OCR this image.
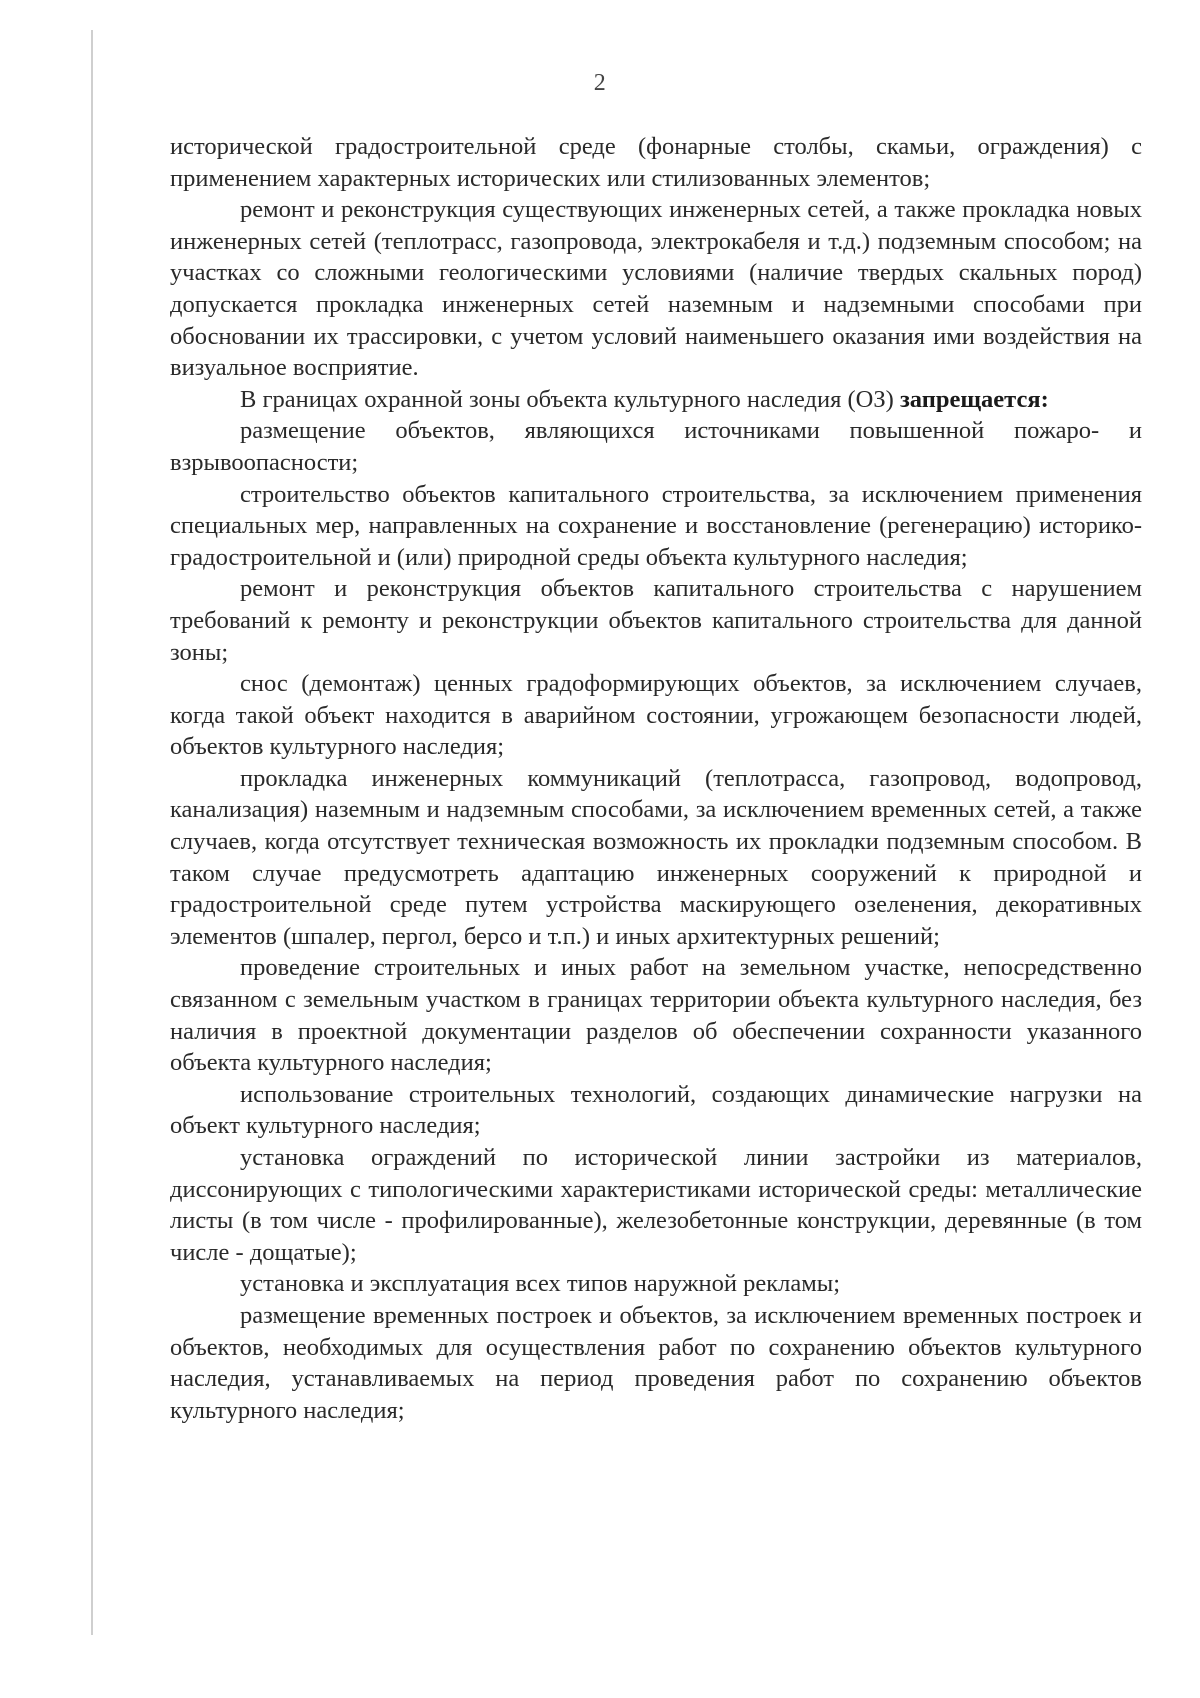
2

исторической градостроительной среде (фонарные столбы, скамьи, ограждения) с применением характерных исторических или стилизованных элементов;

ремонт и реконструкция существующих инженерных сетей, а также прокладка новых инженерных сетей (теплотрасс, газопровода, электрокабеля и т.д.) подземным способом; на участках со сложными геологическими условиями (наличие твердых скальных пород) допускается прокладка инженерных сетей наземным и надземными способами при обосновании их трассировки, с учетом условий наименьшего оказания ими воздействия на визуальное восприятие.

В границах охранной зоны объекта культурного наследия (ОЗ) запрещается:

размещение объектов, являющихся источниками повышенной пожаро- и взрывоопасности;

строительство объектов капитального строительства, за исключением применения специальных мер, направленных на сохранение и восстановление (регенерацию) историко-градостроительной и (или) природной среды объекта культурного наследия;

ремонт и реконструкция объектов капитального строительства с нарушением требований к ремонту и реконструкции объектов капитального строительства для данной зоны;

снос (демонтаж) ценных градоформирующих объектов, за исключением случаев, когда такой объект находится в аварийном состоянии, угрожающем безопасности людей, объектов культурного наследия;

прокладка инженерных коммуникаций (теплотрасса, газопровод, водопровод, канализация) наземным и надземным способами, за исключением временных сетей, а также случаев, когда отсутствует техническая возможность их прокладки подземным способом. В таком случае предусмотреть адаптацию инженерных сооружений к природной и градостроительной среде путем устройства маскирующего озеленения, декоративных элементов (шпалер, пергол, берсо и т.п.) и иных архитектурных решений;

проведение строительных и иных работ на земельном участке, непосредственно связанном с земельным участком в границах территории объекта культурного наследия, без наличия в проектной документации разделов об обеспечении сохранности указанного объекта культурного наследия;

использование строительных технологий, создающих динамические нагрузки на объект культурного наследия;

установка ограждений по исторической линии застройки из материалов, диссонирующих с типологическими характеристиками исторической среды: металлические листы (в том числе - профилированные), железобетонные конструкции, деревянные (в том числе - дощатые);

установка и эксплуатация всех типов наружной рекламы;

размещение временных построек и объектов, за исключением временных построек и объектов, необходимых для осуществления работ по сохранению объектов культурного наследия, устанавливаемых на период проведения работ по сохранению объектов культурного наследия;
